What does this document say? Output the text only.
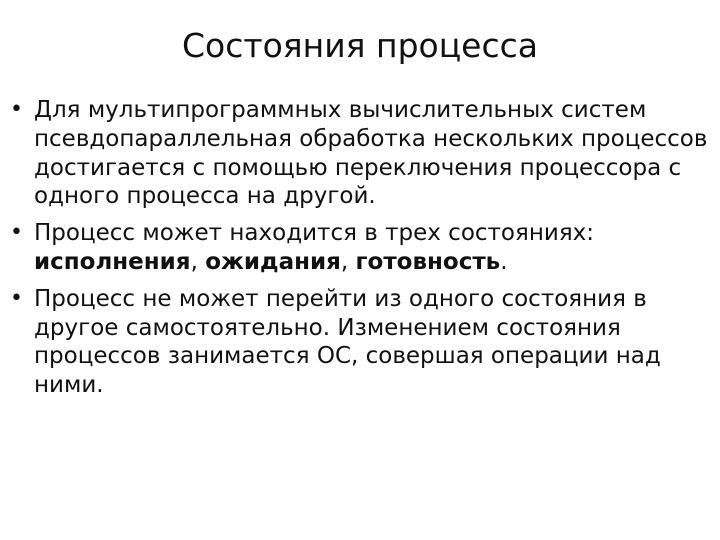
Состояния процесса
• Для мультипрограммных вычислительных систем псевдопараллельная обработка нескольких процессов достигается с помощью переключения процессора с одного процесса на другой.
• Процесс может находится в трех состояниях: исполнения, ожидания, готовность.
• Процесс не может перейти из одного состояния в другое самостоятельно. Изменением состояния процессов занимается ОС, совершая операции над ними.
